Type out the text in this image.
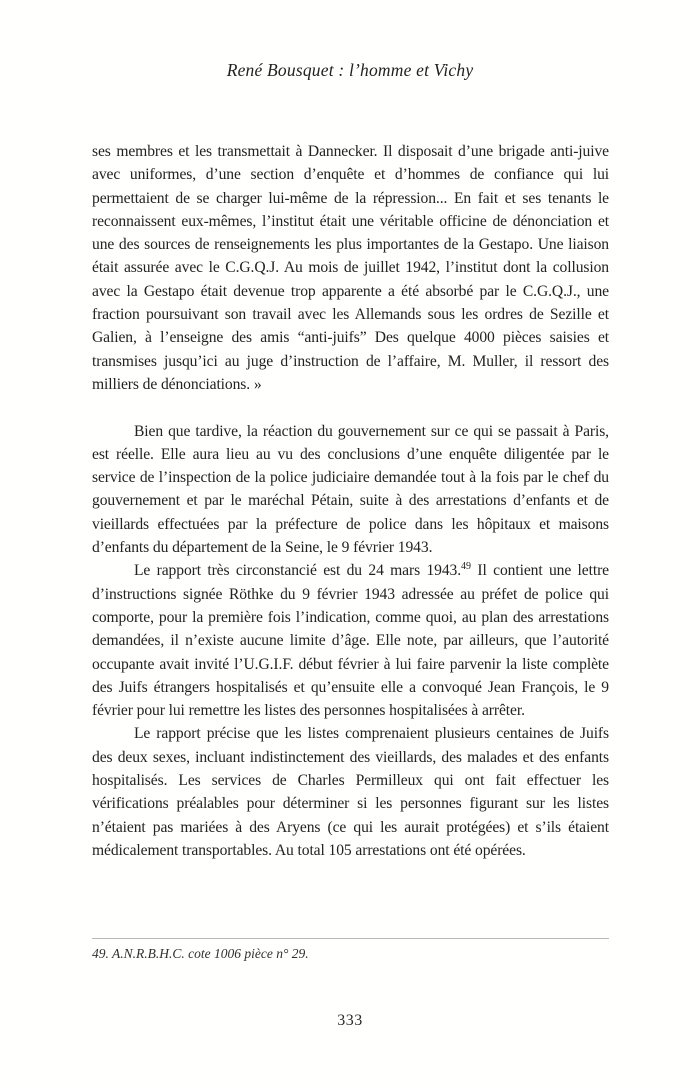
René Bousquet : l’homme et Vichy

ses membres et les transmettait à Dannecker. Il disposait d’une brigade anti-juive avec uniformes, d’une section d’enquête et d’hommes de confiance qui lui permettaient de se charger lui-même de la répression... En fait et ses tenants le reconnaissent eux-mêmes, l’institut était une véritable officine de dénonciation et une des sources de renseignements les plus importantes de la Gestapo. Une liaison était assurée avec le C.G.Q.J. Au mois de juillet 1942, l’institut dont la collusion avec la Gestapo était devenue trop apparente a été absorbé par le C.G.Q.J., une fraction poursuivant son travail avec les Allemands sous les ordres de Sezille et Galien, à l’enseigne des amis “anti-juifs” Des quelque 4000 pièces saisies et transmises jusqu’ici au juge d’instruction de l’affaire, M. Muller, il ressort des milliers de dénonciations. »

Bien que tardive, la réaction du gouvernement sur ce qui se passait à Paris, est réelle. Elle aura lieu au vu des conclusions d’une enquête diligentée par le service de l’inspection de la police judiciaire demandée tout à la fois par le chef du gouvernement et par le maréchal Pétain, suite à des arrestations d’enfants et de vieillards effectuées par la préfecture de police dans les hôpitaux et maisons d’enfants du département de la Seine, le 9 février 1943.

Le rapport très circonstancié est du 24 mars 1943.49 Il contient une lettre d’instructions signée Röthke du 9 février 1943 adressée au préfet de police qui comporte, pour la première fois l’indication, comme quoi, au plan des arrestations demandées, il n’existe aucune limite d’âge. Elle note, par ailleurs, que l’autorité occupante avait invité l’U.G.I.F. début février à lui faire parvenir la liste complète des Juifs étrangers hospitalisés et qu’ensuite elle a convoqué Jean François, le 9 février pour lui remettre les listes des personnes hospitalisées à arrêter.

Le rapport précise que les listes comprenaient plusieurs centaines de Juifs des deux sexes, incluant indistinctement des vieillards, des malades et des enfants hospitalisés. Les services de Charles Permilleux qui ont fait effectuer les vérifications préalables pour déterminer si les personnes figurant sur les listes n’étaient pas mariées à des Aryens (ce qui les aurait protégées) et s’ils étaient médicalement transportables. Au total 105 arrestations ont été opérées.

49. A.N.R.B.H.C. cote 1006 pièce n° 29.
333
